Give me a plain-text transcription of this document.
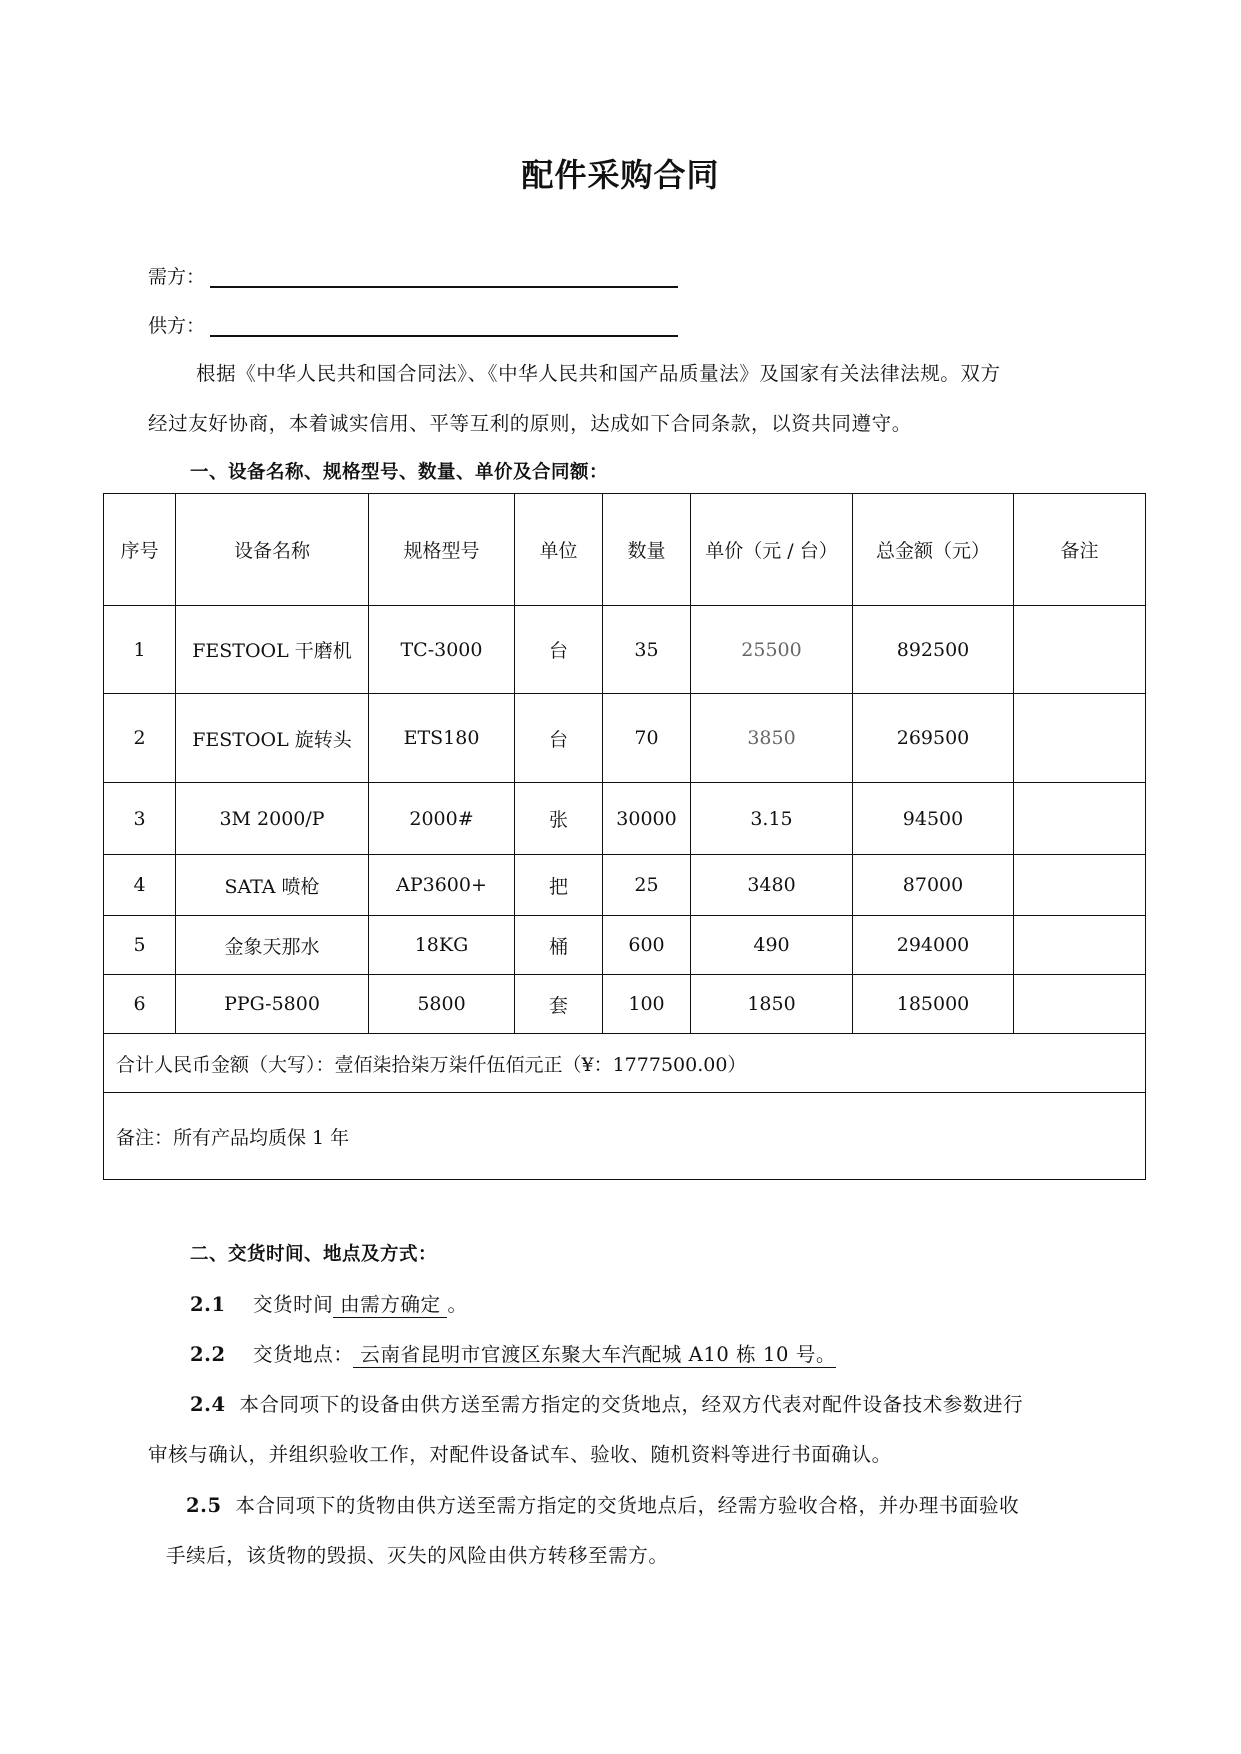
配件采购合同
需方：
供方：
根据《中华人民共和国合同法》、《中华人民共和国产品质量法》及国家有关法律法规。双方
经过友好协商，本着诚实信用、平等互利的原则，达成如下合同条款，以资共同遵守。
一、设备名称、规格型号、数量、单价及合同额：
序号	设备名称	规格型号	单位	数量	单价（元 / 台）	总金额（元）	备注
1	FESTOOL 干磨机	TC-3000	台	35	25500	892500	
2	FESTOOL 旋转头	ETS180	台	70	3850	269500	
3	3M 2000/P	2000#	张	30000	3.15	94500	
4	SATA 喷枪	AP3600+	把	25	3480	87000	
5	金象天那水	18KG	桶	600	490	294000	
6	PPG-5800	5800	套	100	1850	185000	
合计人民币金额（大写）：壹佰柒拾柒万柒仟伍佰元正（¥：1777500.00）							
备注：所有产品均质保 1 年							
二、交货时间、地点及方式：
2.1 交货时间 由需方确定 。
2.2 交货地点： 云南省昆明市官渡区东聚大车汽配城 A10 栋 10 号。
2.4 本合同项下的设备由供方送至需方指定的交货地点，经双方代表对配件设备技术参数进行
审核与确认，并组织验收工作，对配件设备试车、验收、随机资料等进行书面确认。
2.5 本合同项下的货物由供方送至需方指定的交货地点后，经需方验收合格，并办理书面验收
手续后，该货物的毁损、灭失的风险由供方转移至需方。
